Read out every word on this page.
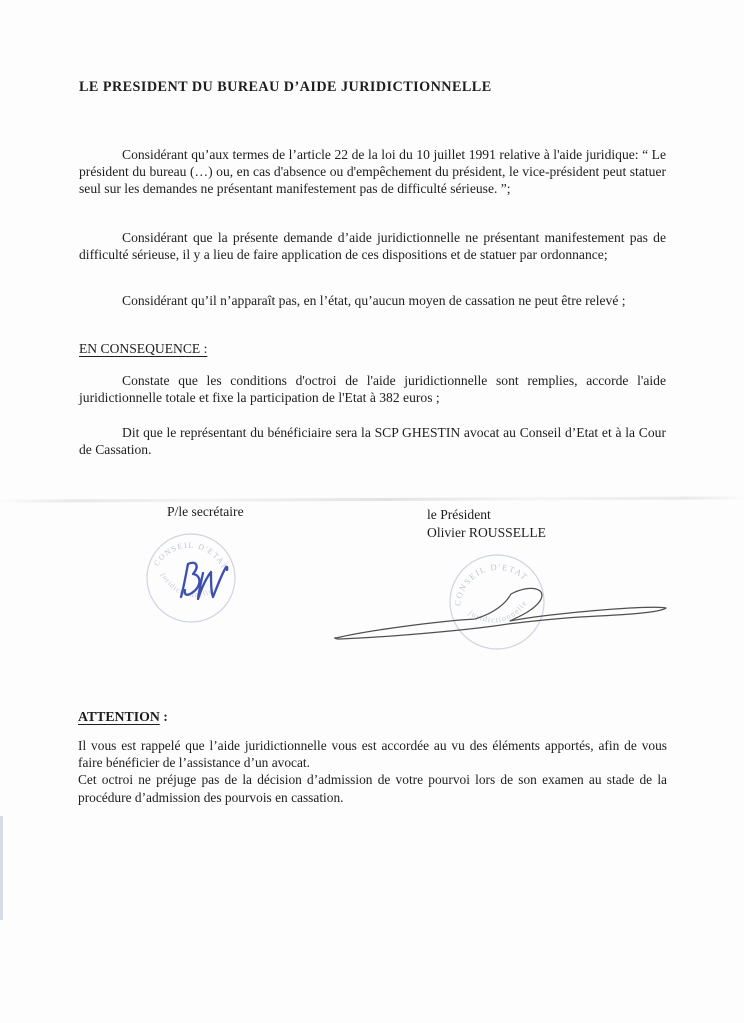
LE PRESIDENT DU BUREAU D’AIDE JURIDICTIONNELLE

Considérant qu’aux termes de l’article 22 de la loi du 10 juillet 1991 relative à l'aide juridique: “ Le président du bureau (…) ou, en cas d'absence ou d'empêchement du président, le vice-président peut statuer seul sur les demandes ne présentant manifestement pas de difficulté sérieuse. ”;

Considérant que la présente demande d’aide juridictionnelle ne présentant manifestement pas de difficulté sérieuse, il y a lieu de faire application de ces dispositions et de statuer par ordonnance;

Considérant qu’il n’apparaît pas, en l’état, qu’aucun moyen de cassation ne peut être relevé ;

EN CONSEQUENCE :

Constate que les conditions d'octroi de l'aide juridictionnelle sont remplies, accorde l'aide juridictionnelle totale et fixe la participation de l'Etat à 382 euros ;

Dit que le représentant du bénéficiaire sera la SCP GHESTIN avocat au Conseil d’Etat et à la Cour de Cassation.

P/le secrétaire	le Président
Olivier ROUSSELLE
CONSEIL D'ETAT
juridictionnelle
CONSEIL D'ETAT
juridictionnelle
ATTENTION :

Il vous est rappelé que l’aide juridictionnelle vous est accordée au vu des éléments apportés, afin de vous faire bénéficier de l’assistance d’un avocat.

Cet octroi ne préjuge pas de la décision d’admission de votre pourvoi lors de son examen au stade de la procédure d’admission des pourvois en cassation.
